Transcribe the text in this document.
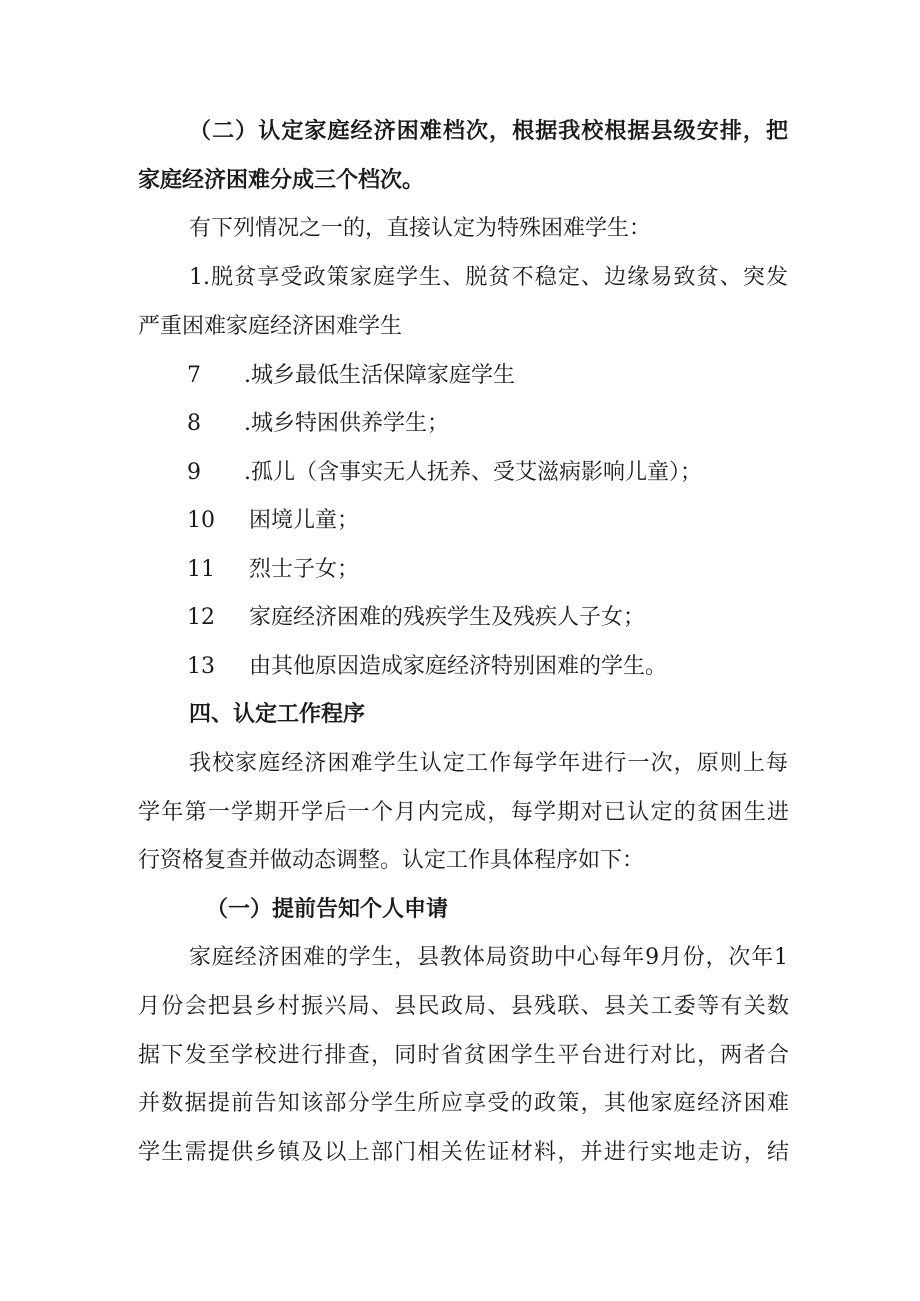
（二）认定家庭经济困难档次，根据我校根据县级安排，把
家庭经济困难分成三个档次。
有下列情况之一的，直接认定为特殊困难学生：
1.脱贫享受政策家庭学生、脱贫不稳定、边缘易致贫、突发
严重困难家庭经济困难学生
7 .城乡最低生活保障家庭学生
8 .城乡特困供养学生；
9 .孤儿（含事实无人抚养、受艾滋病影响儿童）；
10 困境儿童；
11 烈士子女；
12 家庭经济困难的残疾学生及残疾人子女；
13 由其他原因造成家庭经济特别困难的学生。
四、认定工作程序
我校家庭经济困难学生认定工作每学年进行一次，原则上每
学年第一学期开学后一个月内完成，每学期对已认定的贫困生进
行资格复查并做动态调整。认定工作具体程序如下：
（一）提前告知个人申请
家庭经济困难的学生，县教体局资助中心每年9月份，次年1
月份会把县乡村振兴局、县民政局、县残联、县关工委等有关数
据下发至学校进行排查，同时省贫困学生平台进行对比，两者合
并数据提前告知该部分学生所应享受的政策，其他家庭经济困难
学生需提供乡镇及以上部门相关佐证材料，并进行实地走访，结
